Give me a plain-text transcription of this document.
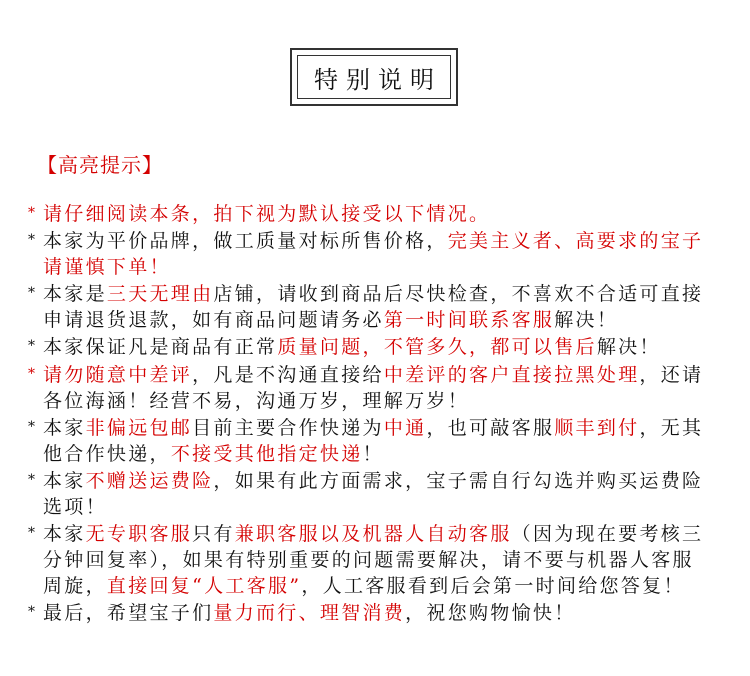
特别说明
【高亮提示】

* 请仔细阅读本条，拍下视为默认接受以下情况。

* 本家为平价品牌，做工质量对标所售价格，完美主义者、高要求的宝子请谨慎下单！

* 本家是三天无理由店铺，请收到商品后尽快检查，不喜欢不合适可直接申请退货退款，如有商品问题请务必第一时间联系客服解决！

* 本家保证凡是商品有正常质量问题，不管多久，都可以售后解决！

* 请勿随意中差评，凡是不沟通直接给中差评的客户直接拉黑处理，还请各位海涵！经营不易，沟通万岁，理解万岁！

* 本家非偏远包邮目前主要合作快递为中通，也可敲客服顺丰到付，无其他合作快递，不接受其他指定快递！

* 本家不赠送运费险，如果有此方面需求，宝子需自行勾选并购买运费险选项！

* 本家无专职客服只有兼职客服以及机器人自动客服（因为现在要考核三分钟回复率），如果有特别重要的问题需要解决，请不要与机器人客服周旋，直接回复“人工客服”，人工客服看到后会第一时间给您答复！

* 最后，希望宝子们量力而行、理智消费，祝您购物愉快！
